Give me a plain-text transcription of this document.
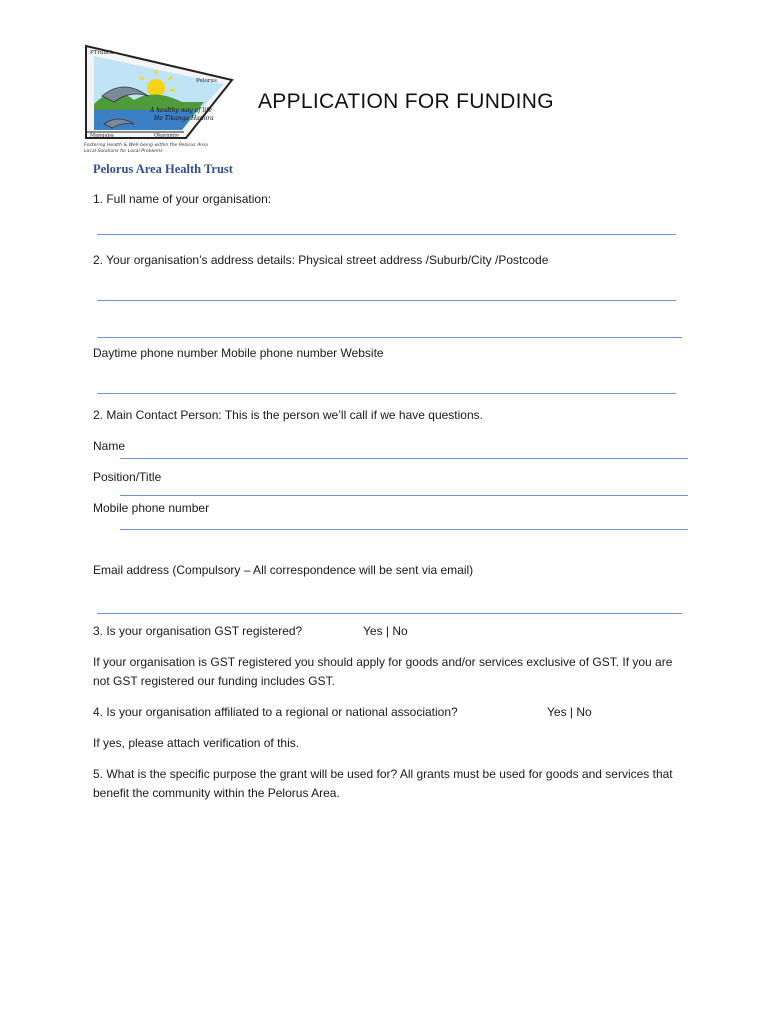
PTrillich
Pelorus
Mangapa	Okaramio
A healthy way of life
He Tikanga Hauora
Fostering Health & Well-being within the Pelorus Area
Local Solutions for Local Problems
APPLICATION FOR FUNDING
Pelorus Area Health Trust
1. Full name of your organisation:
2. Your organisation’s address details: Physical street address /Suburb/City /Postcode
Daytime phone number Mobile phone number Website
2. Main Contact Person: This is the person we’ll call if we have questions.
Name
Position/Title
Mobile phone number
Email address (Compulsory – All correspondence will be sent via email)
3. Is your organisation GST registered?	Yes | No
If your organisation is GST registered you should apply for goods and/or services exclusive of GST. If you are not GST registered our funding includes GST.
4. Is your organisation affiliated to a regional or national association?	Yes | No
If yes, please attach verification of this.
5. What is the specific purpose the grant will be used for? All grants must be used for goods and services that benefit the community within the Pelorus Area.
